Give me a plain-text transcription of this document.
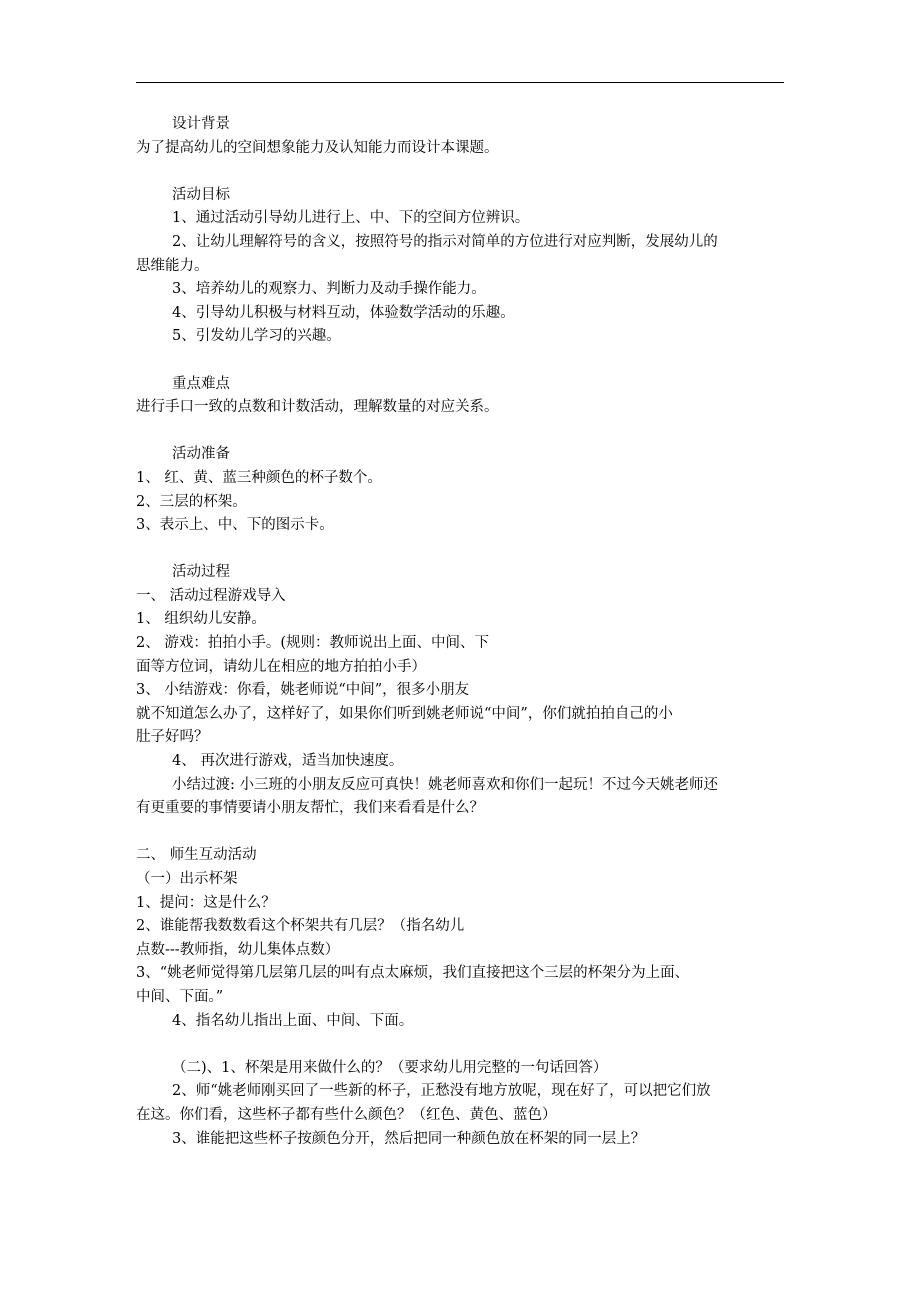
设计背景
为了提高幼儿的空间想象能力及认知能力而设计本课题。
活动目标
1、通过活动引导幼儿进行上、中、下的空间方位辨识。
2、让幼儿理解符号的含义，按照符号的指示对简单的方位进行对应判断，发展幼儿的
思维能力。
3、培养幼儿的观察力、判断力及动手操作能力。
4、引导幼儿积极与材料互动，体验数学活动的乐趣。
5、引发幼儿学习的兴趣。
重点难点
进行手口一致的点数和计数活动，理解数量的对应关系。
活动准备
1、 红、黄、蓝三种颜色的杯子数个。
2、三层的杯架。
3、表示上、中、下的图示卡。
活动过程
一、 活动过程游戏导入
1、 组织幼儿安静。
2、 游戏：拍拍小手。(规则：教师说出上面、中间、下
面等方位词，请幼儿在相应的地方拍拍小手）
3、 小结游戏：你看，姚老师说“中间”，很多小朋友
就不知道怎么办了，这样好了，如果你们听到姚老师说“中间”，你们就拍拍自己的小
肚子好吗？
4、 再次进行游戏，适当加快速度。
小结过渡: 小三班的小朋友反应可真快！姚老师喜欢和你们一起玩！不过今天姚老师还
有更重要的事情要请小朋友帮忙，我们来看看是什么？
二、 师生互动活动
（一）出示杯架
1、提问：这是什么？
2、谁能帮我数数看这个杯架共有几层？（指名幼儿
点数---教师指，幼儿集体点数）
3、“姚老师觉得第几层第几层的叫有点太麻烦，我们直接把这个三层的杯架分为上面、
中间、下面。”
4、指名幼儿指出上面、中间、下面。
（二)、1、杯架是用来做什么的？（要求幼儿用完整的一句话回答）
2、师“姚老师刚买回了一些新的杯子，正愁没有地方放呢，现在好了，可以把它们放
在这。你们看，这些杯子都有些什么颜色？（红色、黄色、蓝色）
3、谁能把这些杯子按颜色分开，然后把同一种颜色放在杯架的同一层上？
